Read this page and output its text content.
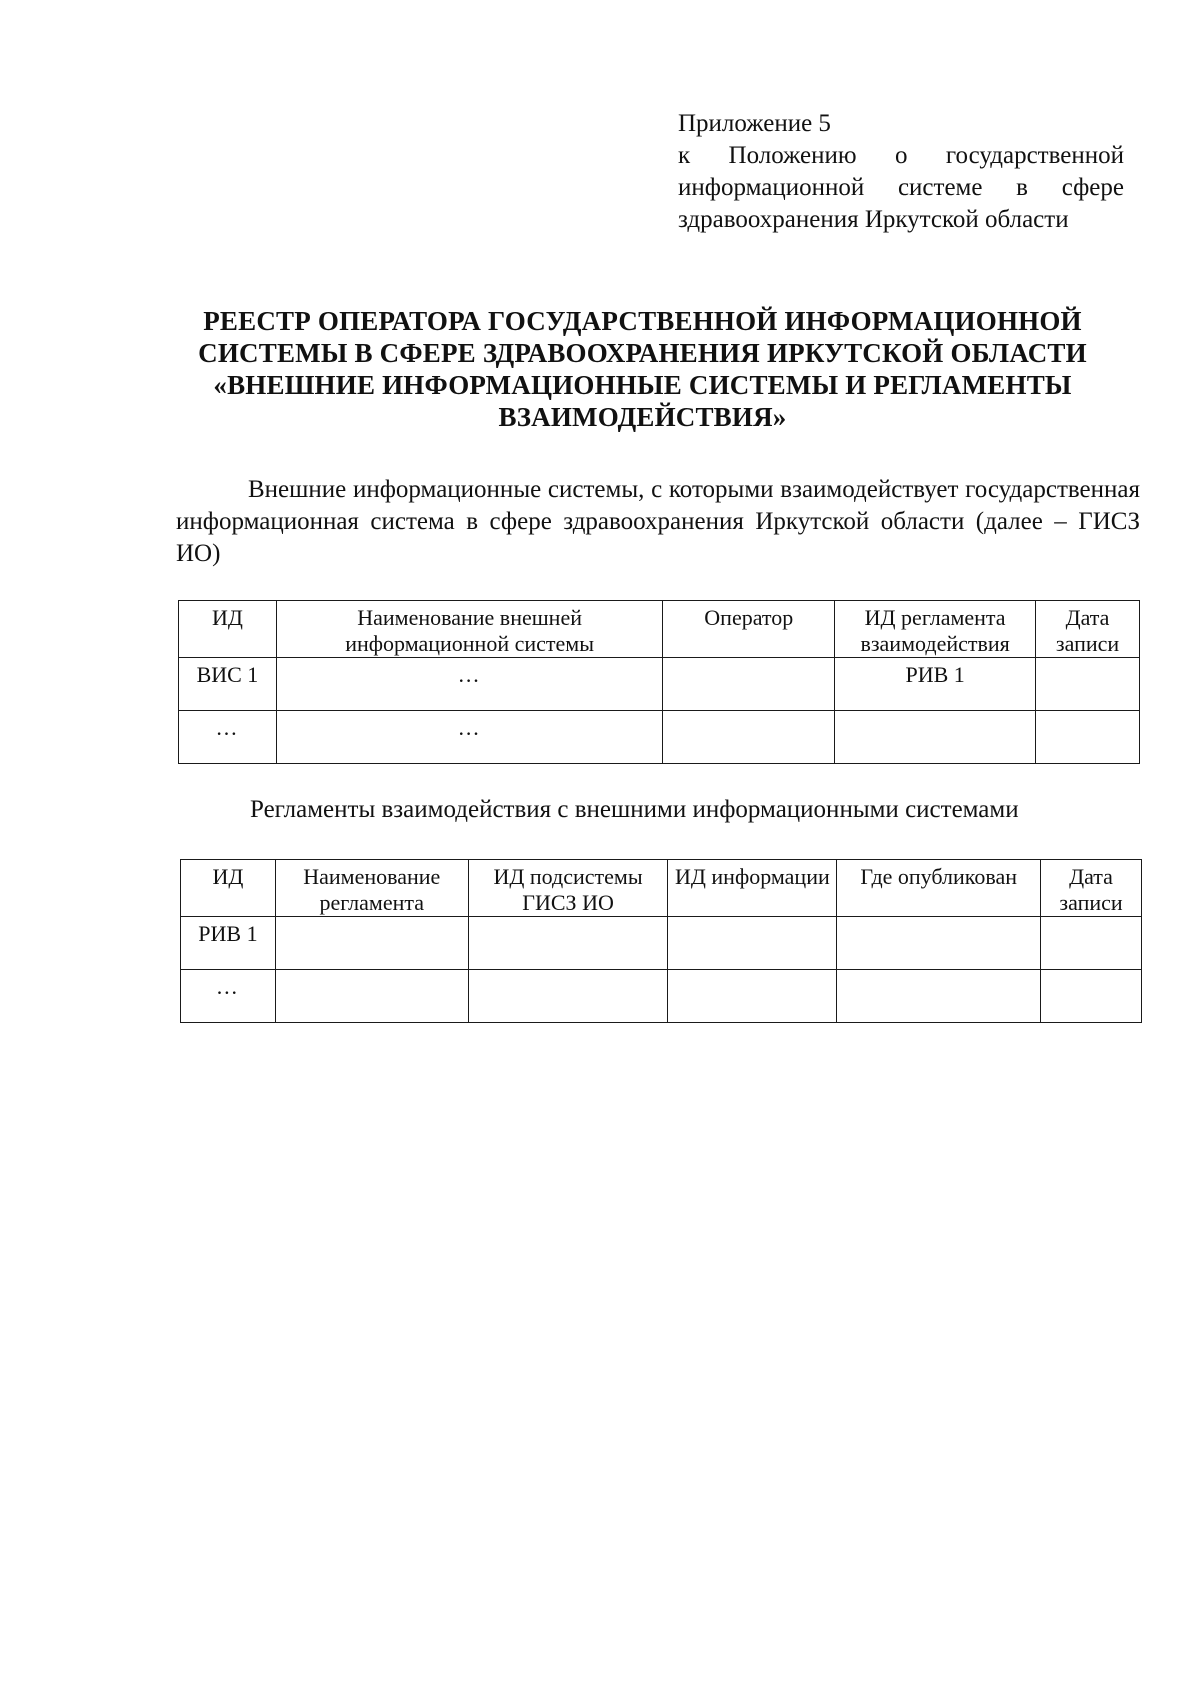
Приложение 5
к Положению о государственной
информационной системе в сфере
здравоохранения Иркутской области
РЕЕСТР ОПЕРАТОРА ГОСУДАРСТВЕННОЙ ИНФОРМАЦИОННОЙ
СИСТЕМЫ В СФЕРЕ ЗДРАВООХРАНЕНИЯ ИРКУТСКОЙ ОБЛАСТИ
«ВНЕШНИЕ ИНФОРМАЦИОННЫЕ СИСТЕМЫ И РЕГЛАМЕНТЫ
ВЗАИМОДЕЙСТВИЯ»
Внешние информационные системы, с которыми взаимодействует государственная информационная система в сфере здравоохранения Иркутской области (далее – ГИСЗ ИО)
ИД	Наименование внешней информационной системы	Оператор	ИД регламента взаимодействия	Дата записи
ВИС 1	…		РИВ 1	
…	…			
Регламенты взаимодействия с внешними информационными системами
ИД	Наименование регламента	ИД подсистемы ГИСЗ ИО	ИД информации	Где опубликован	Дата записи
РИВ 1					
…					
